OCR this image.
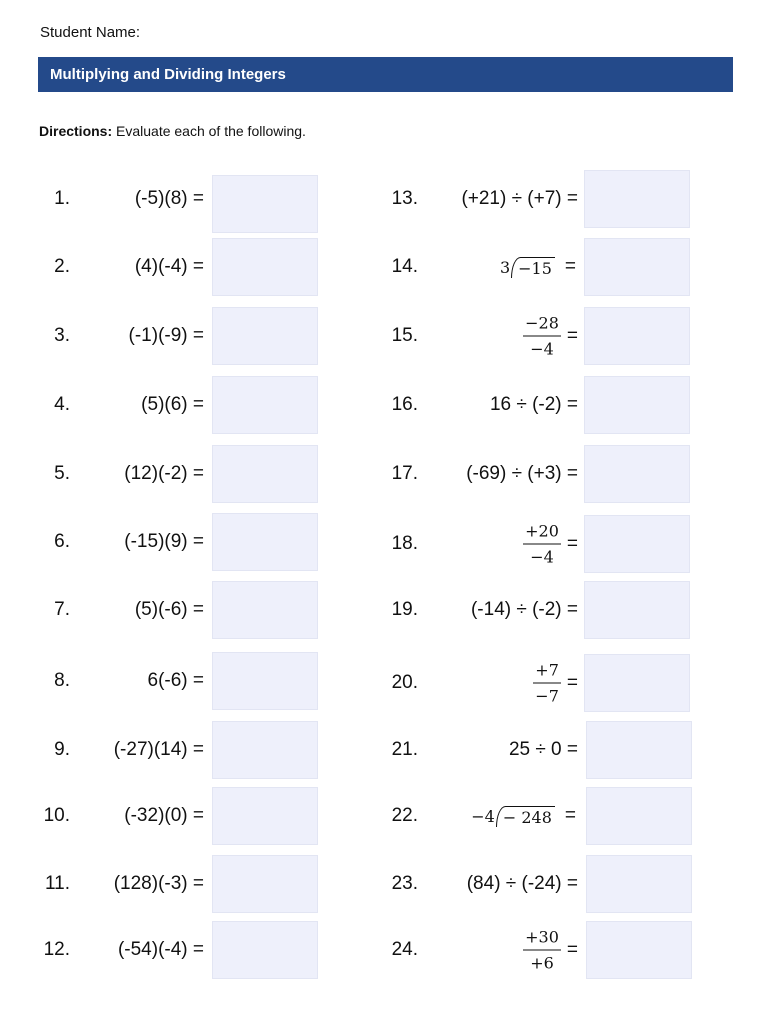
Student Name:
Multiplying and Dividing Integers
Directions: Evaluate each of the following.
1.	(-5)(8) =
2.	(4)(-4) =
3.	(-1)(-9) =
4.	(5)(6) =
5.	(12)(-2) =
6.	(-15)(9) =
7.	(5)(-6) =
8.	6(-6) =
9. (-27)(14) =
10.	(-32)(0) =
11. (128)(-3) =
12.	(-54)(-4) =
13. (+21) ÷ (+7) =
14.	3 −15 =
15.	$\frac{-28}{-4}$ =
16.	16 ÷ (-2) =
17.	(-69) ÷ (+3) =
18.	$\frac{+20}{-4}$ =
19.	(-14) ÷ (-2) =
20.	$\frac{+7}{-7}$ =
21.	25 ÷ 0 =
22.	−4 − 248 =
23.	(84) ÷ (-24) =
24.	$\frac{+30}{+6}$ =
